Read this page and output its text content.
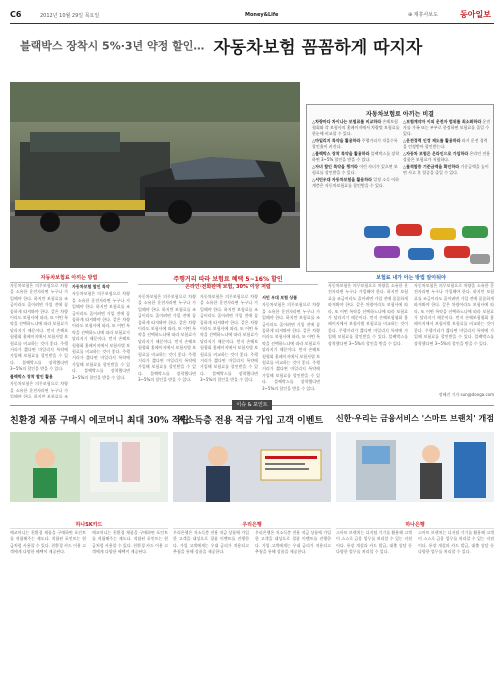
C6	2012년 10월 29일 목요일	Money&Life	⊕ 제휴사보도	동아일보
블랙박스 장착시 5%·3년 약정 할인… 자동차보험 꼼꼼하게 따지자
자동차보험료 아끼는 비결

△차량마다 차이나는 보험료를 비교하라 손해보험협회와 각 보험사의 홈페이지에서 차량별 보험료를 한눈에 비교할 수 있다.

△마일리지 특약을 활용하라 주행거리가 적을수록 할인율이 커진다.

△블랙박스 장착 특약을 활용하라 블랙박스를 장착하면 3~5% 할인을 받을 수 있다.

△자녀 할인 특약을 챙겨라 어린 자녀가 있으면 보험료를 할인받을 수 있다.

△서민우대 자동차보험을 활용하라 일정 소득 이하 계층은 자동차보험료를 할인받을 수 있다.

△보험계약자 이외 운전자 범위를 최소화하라 운전자를 가족 또는 부부로 한정하면 보험료를 줄일 수 있다.

△운전경력 인정 제도를 활용하라 과거 운전 경력을 인정받아 할인받는다.

△자동차 보험은 온라인으로 가입하라 온라인 전용 상품은 보험료가 저렴하다.

△물적할증 기준금액을 확인하라 기준금액을 높이면 사고 후 할증을 줄일 수 있다.

자동차보험료 아끼는 방법
자동차보험은 의무보험으로 차량을 소유한 운전자라면 누구나 가입해야 한다. 하지만 보험료를 조금이라도 줄이려면 가입 전에 꼼꼼하게 따져봐야 한다. 같은 차량이라도 보험사에 따라, 또 어떤 특약을 선택하느냐에 따라 보험료가 달라지기 때문이다. 먼저 손해보험협회 홈페이지에서 보험사별 보험료를 비교하는 것이 좋다. 주행거리가 짧다면 마일리지 특약에 가입해 보험료를 할인받을 수 있다. 블랙박스를 장착했다면 3~5%의 할인을 받을 수 있다.
블랙박스 장착 할인 활용
자동차보험은 의무보험으로 차량을 소유한 운전자라면 누구나 가입해야 한다. 하지만 보험료를 조
자동차보험 할인 특약
자동차보험은 의무보험으로 차량을 소유한 운전자라면 누구나 가입해야 한다. 하지만 보험료를 조금이라도 줄이려면 가입 전에 꼼꼼하게 따져봐야 한다. 같은 차량이라도 보험사에 따라, 또 어떤 특약을 선택하느냐에 따라 보험료가 달라지기 때문이다. 먼저 손해보험협회 홈페이지에서 보험사별 보험료를 비교하는 것이 좋다. 주행거리가 짧다면 마일리지 특약에 가입해 보험료를 할인받을 수 있다. 블랙박스를 장착했다면 3~5%의 할인을 받을 수 있다.
주행거리 따라 보험료 혜택 5~16% 할인
온라인·전화판매 보험, 30% 이상 저렴
자동차보험은 의무보험으로 차량을 소유한 운전자라면 누구나 가입해야 한다. 하지만 보험료를 조금이라도 줄이려면 가입 전에 꼼꼼하게 따져봐야 한다. 같은 차량이라도 보험사에 따라, 또 어떤 특약을 선택하느냐에 따라 보험료가 달라지기 때문이다. 먼저 손해보험협회 홈페이지에서 보험사별 보험료를 비교하는 것이 좋다. 주행거리가 짧다면 마일리지 특약에 가입해 보험료를 할인받을 수 있다. 블랙박스를 장착했다면 3~5%의 할인을 받을 수 있다.
자동차보험은 의무보험으로 차량을 소유한 운전자라면 누구나 가입해야 한다. 하지만 보험료를 조금이라도 줄이려면 가입 전에 꼼꼼하게 따져봐야 한다. 같은 차량이라도 보험사에 따라, 또 어떤 특약을 선택하느냐에 따라 보험료가 달라지기 때문이다. 먼저 손해보험협회 홈페이지에서 보험사별 보험료를 비교하는 것이 좋다. 주행거리가 짧다면 마일리지 특약에 가입해 보험료를 할인받을 수 있다. 블랙박스를 장착했다면 3~5%의 할인을 받을 수 있다.
서민 우대 보험 상품
자동차보험은 의무보험으로 차량을 소유한 운전자라면 누구나 가입해야 한다. 하지만 보험료를 조금이라도 줄이려면 가입 전에 꼼꼼하게 따져봐야 한다. 같은 차량이라도 보험사에 따라, 또 어떤 특약을 선택하느냐에 따라 보험료가 달라지기 때문이다. 먼저 손해보험협회 홈페이지에서 보험사별 보험료를 비교하는 것이 좋다. 주행거리가 짧다면 마일리지 특약에 가입해 보험료를 할인받을 수 있다. 블랙박스를 장착했다면 3~5%의 할인을 받을 수 있다.
보험료 내가 아는 방법 알아둬야
자동차보험은 의무보험으로 차량을 소유한 운전자라면 누구나 가입해야 한다. 하지만 보험료를 조금이라도 줄이려면 가입 전에 꼼꼼하게 따져봐야 한다. 같은 차량이라도 보험사에 따라, 또 어떤 특약을 선택하느냐에 따라 보험료가 달라지기 때문이다. 먼저 손해보험협회 홈페이지에서 보험사별 보험료를 비교하는 것이 좋다. 주행거리가 짧다면 마일리지 특약에 가입해 보험료를 할인받을 수 있다. 블랙박스를 장착했다면 3~5%의 할인을 받을 수 있다.
자동차보험은 의무보험으로 차량을 소유한 운전자라면 누구나 가입해야 한다. 하지만 보험료를 조금이라도 줄이려면 가입 전에 꼼꼼하게 따져봐야 한다. 같은 차량이라도 보험사에 따라, 또 어떤 특약을 선택하느냐에 따라 보험료가 달라지기 때문이다. 먼저 손해보험협회 홈페이지에서 보험사별 보험료를 비교하는 것이 좋다. 주행거리가 짧다면 마일리지 특약에 가입해 보험료를 할인받을 수 있다. 블랙박스를 장착했다면 3~5%의 할인을 받을 수 있다.
정혜진 기자 sun@donga.com
이슈 & 포인트
친환경 제품 구매시 에코머니 최대 30% 적립
저소득층 전용 적금 가입 고객 이벤트 신한·우리는 금융서비스 '스마트 브랜치' 개점
하나SK카드	우리은행	하나은행
에코머니는 친환경 제품을 구매하면 포인트를 적립해주는 제도다. 적립된 포인트는 현금처럼 사용할 수 있다. 친환경 카드 이용 고객에게 다양한 혜택이 제공된다.
에코머니는 친환경 제품을 구매하면 포인트를 적립해주는 제도다. 적립된 포인트는 현금처럼 사용할 수 있다. 친환경 카드 이용 고객에게 다양한 혜택이 제공된다.
우리은행은 저소득층 전용 적금 상품에 가입한 고객을 대상으로 경품 이벤트를 진행한다. 가입 고객에게는 우대 금리가 적용되고 추첨을 통해 상품을 제공한다.
우리은행은 저소득층 전용 적금 상품에 가입한 고객을 대상으로 경품 이벤트를 진행한다. 가입 고객에게는 우대 금리가 적용되고 추첨을 통해 상품을 제공한다.
스마트 브랜치는 디지털 기기를 활용해 고객이 스스로 금융 업무를 처리할 수 있는 지점이다. 통장 개설과 카드 발급, 대출 상담 등 다양한 업무를 처리할 수 있다.
스마트 브랜치는 디지털 기기를 활용해 고객이 스스로 금융 업무를 처리할 수 있는 지점이다. 통장 개설과 카드 발급, 대출 상담 등 다양한 업무를 처리할 수 있다.
